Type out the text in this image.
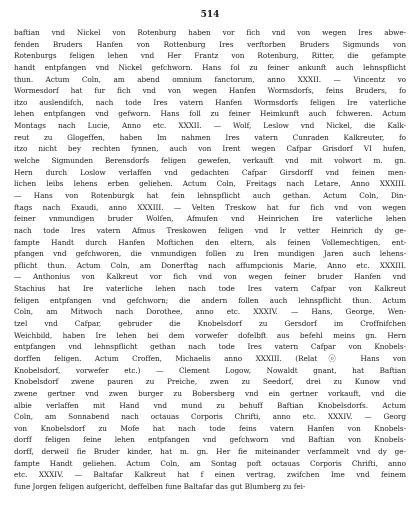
514
baftian vnd Nickel von Rotenburg haben vor fich vnd von wegen Ires abwe-
fenden Bruders Hanfen von Rottenburg Ires verftorben Bruders Sigmunds von
Rotenburgs feligen lehen vnd Her Frantz von Rotenburg, Ritter, die gefampte
handt entpfangen vnd Nickel gefchworn. Hans fol zu feiner ankunft auch lehnspflicht
thun. Actum Coln, am abend omnium fanctorum, anno XXXII. — Vincentz vo
Wormesdorf hat fur fich vnd von wegen Hanfen Wormsdorfs, feins Bruders, fo
itzo auslendifch, nach tode Ires vatern Hanfen Wormsdorfs feligen Ire vaterliche
lehen entpfangen vnd gefworn. Hans foll zu feiner Heimkunft auch fchweren. Actum
Montags nach Lucie, Anno etc. XXXII. — Wolf, Leslow vnd Nickel, die Kalk-
reut zu Glogeffen, haben Im nahmen Ires vatern Cunraden Kalkreuter, fo
itzo nicht bey rechten fynnen, auch von Irent wegen Cafpar Grisdorf VI hufen,
welche Sigmunden Berensdorfs feligen gewefen, verkauft vnd mit volwort m. gn.
Hern durch Loslow verlaffen vnd gedachten Cafpar Girsdorff vnd feinen men-
lichen leibs lehens erben geliehen. Actum Coln, Freitags nach Letare, Anno XXXIII.
— Hans von Rotenburgk hat fein lehnspflicht auch gethan. Actum Coln, Din-
ftags nach Exaudi, anno XXXIII. — Velten Treskow hat fur fich vnd von wegen
feiner vnmundigen bruder Wolfen, Afmufen vnd Heinrichen Ire vaterliche lehen
nach tode Ires vatern Afmus Treskowen feligen vnd Ir vetter Heinrich dy ge-
fampte Handt durch Hanfen Moftichen den eltern, als feinen Vollemechtigen, ent-
pfangen vnd gefchworen, die vnmundigen follen zu Iren mundigen Jaren auch lehens-
pflicht thun. Actum Coln, am Donerftag nach affumpcionis Marie, Anno etc. XXXIII.
— Anthonius von Kalkreut vor fich vnd von wegen feiner bruder Hanfen vnd
Stachius hat Ire vaterliche lehen nach tode Ires vatern Cafpar von Kalkreut
feligen entpfangen vnd gefchworn; die andern follen auch lehnspflicht thun. Actum
Coln, am Mitwoch nach Dorothee, anno etc. XXXIV. — Hans, George, Wen-
tzel vnd Cafpar, gebruder die Knobelsdorf zu Gersdorf im Croffnifchen
Weichbild, haben Ire lehen bei dem vorwefer dofelbft aus befehl meins gn. Hern
entpfangen vnd lehnspflicht gethan nach tode Ires vatern Cafpar von Knobels-
dorffen feligen. Actum Croffen, Michaelis anno XXXIII. (Relatⓞ Hans von
Knobelsdorf, vorwefer etc.) — Clement Logow, Nowaldt gnant, hat Baftian
Knobelsdorf zwene pauren zu Preiche, zwen zu Seedorf, drei zu Kunow vnd
zwene gertner vnd zwen burger zu Bobersberg vnd ein gertner vorkauft, vnd die
albie verlaffen mit Hand vnd mund zu behuff Baftian Knobelsdorfs. Actum
Coln, am Sonnabend nach octauas Corporis Chrifti, anno etc. XXXIV. — Georg
von Knobelsdorf zu Mofe hat nach tode feins vatern Hanfen von Knobels-
dorff feligen feine lehen entpfangen vnd gefchworn vnd Baftian von Knobels-
dorff, derweil fie Bruder kinder, hat m. gn. Her fie miteinander verfammelt vnd dy ge-
fampte Handt geliehen. Actum Coln, am Sontag poft octauas Corporis Chrifti, anno
etc. XXXIV. — Baltafar Kalkreut hat f einen vertrag, zwifchen Ime vnd feinem
fune Jorgen feligen aufgericht, deffelben fune Baltafar das gut Blumberg zu fei-
